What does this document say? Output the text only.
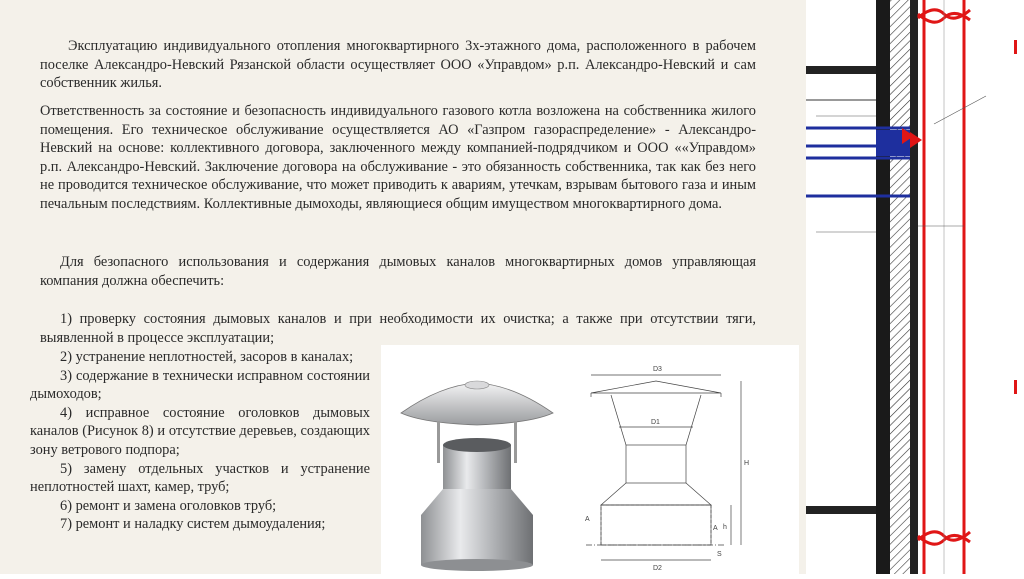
Эксплуатацию индивидуального отопления многоквартирного 3х-этажного дома, расположенного в рабочем поселке Александро-Невский Рязанской области осуществляет ООО «Управдом» р.п. Александро-Невский и сам собственник жилья.

Ответственность за состояние и безопасность индивидуального газового котла возложена на собственника жилого помещения. Его техническое обслуживание осуществляется АО «Газпром газораспределение» - Александро-Невский на основе: коллективного договора, заключенного между компанией-подрядчиком и ООО ««Управдом» р.п. Александро-Невский. Заключение договора на обслуживание - это обязанность собственника, так как без него не проводится техническое обслуживание, что может приводить к авариям, утечкам, взрывам бытового газа и иным печальным последствиям. Коллективные дымоходы, являющиеся общим имуществом многоквартирного дома.

Для безопасного использования и содержания дымовых каналов многоквартирных домов управляющая компания должна обеспечить:

1) проверку состояния дымовых каналов и при необходимости их очистка; а также при отсутствии тяги, выявленной в процессе эксплуатации;

2) устранение неплотностей, засоров в каналах;
3) содержание в технически исправном состоянии дымоходов;
4) исправное состояние оголовков дымовых каналов (Рисунок 8) и отсутствие деревьев, создающих зону ветрового подпора;
5) замену отдельных участков и устранение неплотностей шахт, камер, труб;
6) ремонт и замена оголовков труб;
7) ремонт и наладку систем дымоудаления;
D3
D1
D2
H
h
A
A
S
